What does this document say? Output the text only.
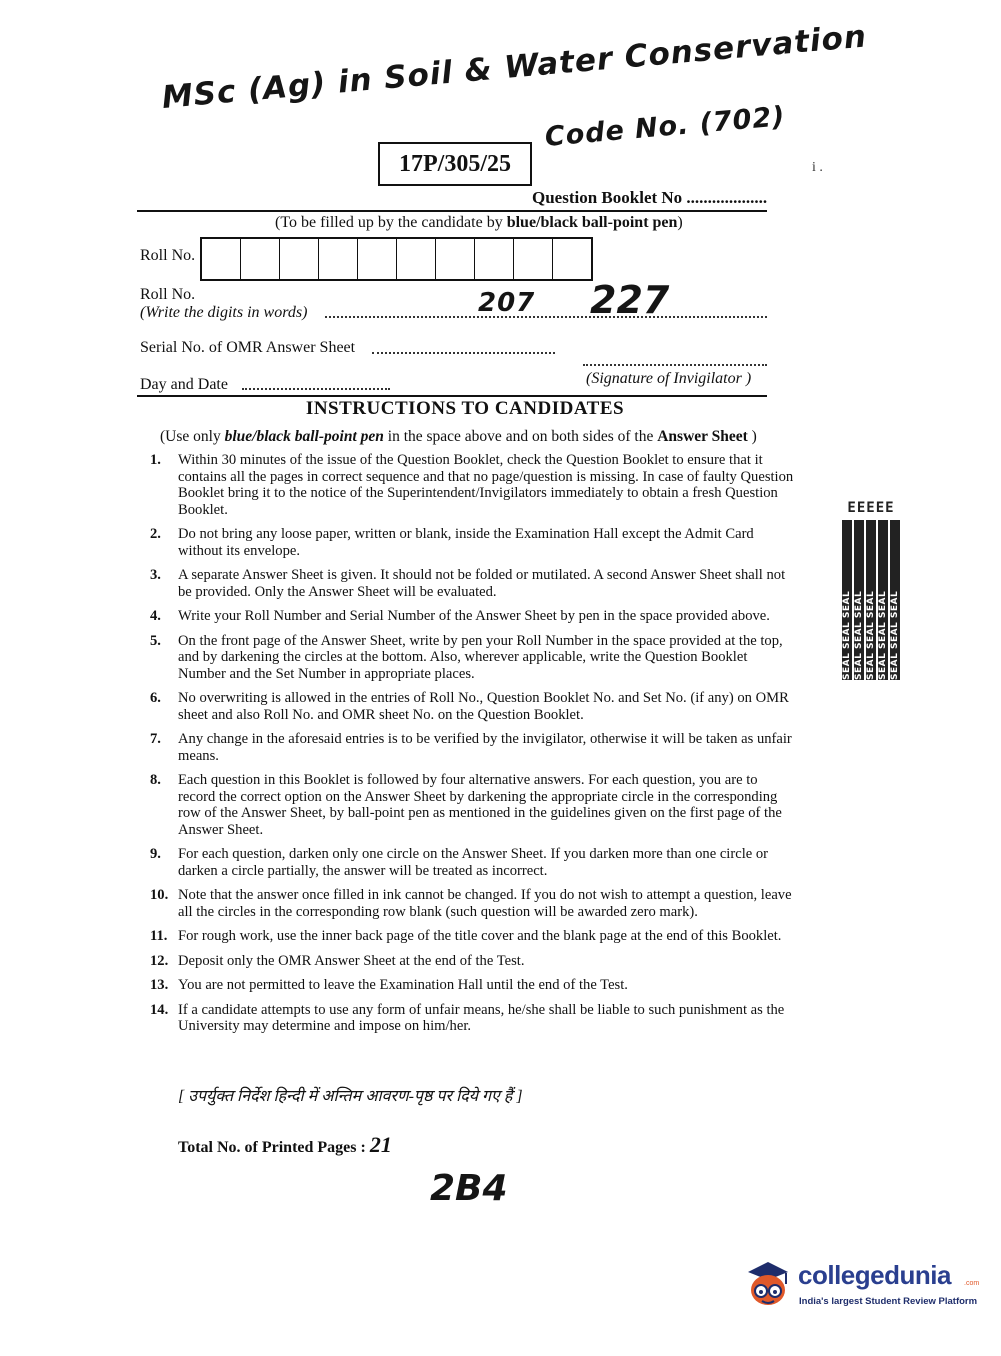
MSc (Ag) in Soil & Water Conservation
Code No. (702)
17P/305/25	i .
Question Booklet No ...................
(To be filled up by the candidate by blue/black ball-point pen)
Roll No.
Roll No.
(Write the digits in words)	207 227
Serial No. of OMR Answer Sheet
(Signature of Invigilator )
Day and Date
INSTRUCTIONS TO CANDIDATES
(Use only blue/black ball-point pen in the space above and on both sides of the Answer Sheet )
1.	Within 30 minutes of the issue of the Question Booklet, check the Question Booklet to ensure that it contains all the pages in correct sequence and that no page/question is missing. In case of faulty Question Booklet bring it to the notice of the Superintendent/Invigilators immediately to obtain a fresh Question Booklet.
2.	Do not bring any loose paper, written or blank, inside the Examination Hall except the Admit Card without its envelope.
3.	A separate Answer Sheet is given. It should not be folded or mutilated. A second Answer Sheet shall not be provided. Only the Answer Sheet will be evaluated.
4.	Write your Roll Number and Serial Number of the Answer Sheet by pen in the space provided above.
5.	On the front page of the Answer Sheet, write by pen your Roll Number in the space provided at the top, and by darkening the circles at the bottom. Also, wherever applicable, write the Question Booklet Number and the Set Number in appropriate places.
6.	No overwriting is allowed in the entries of Roll No., Question Booklet No. and Set No. (if any) on OMR sheet and also Roll No. and OMR sheet No. on the Question Booklet.
7.	Any change in the aforesaid entries is to be verified by the invigilator, otherwise it will be taken as unfair means.
8.	Each question in this Booklet is followed by four alternative answers. For each question, you are to record the correct option on the Answer Sheet by darkening the appropriate circle in the corresponding row of the Answer Sheet, by ball-point pen as mentioned in the guidelines given on the first page of the Answer Sheet.
9.	For each question, darken only one circle on the Answer Sheet. If you darken more than one circle or darken a circle partially, the answer will be treated as incorrect.
10. Note that the answer once filled in ink cannot be changed. If you do not wish to attempt a question, leave all the circles in the corresponding row blank (such question will be awarded zero mark).
11. For rough work, use the inner back page of the title cover and the blank page at the end of this Booklet.
12. Deposit only the OMR Answer Sheet at the end of the Test.
13. You are not permitted to leave the Examination Hall until the end of the Test.
14. If a candidate attempts to use any form of unfair means, he/she shall be liable to such punishment as the University may determine and impose on him/her.
[ उपर्युक्त निर्देश हिन्दी में अन्तिम आवरण-पृष्ठ पर दिये गए हैं ]
Total No. of Printed Pages : 21
2B4
EEEEE
SEAL SEAL SEAL SEAL SEAL SEAL SEAL SEAL SEAL SEAL SEAL SEAL SEAL SEAL SEAL
collegedunia .com
India's largest Student Review Platform
